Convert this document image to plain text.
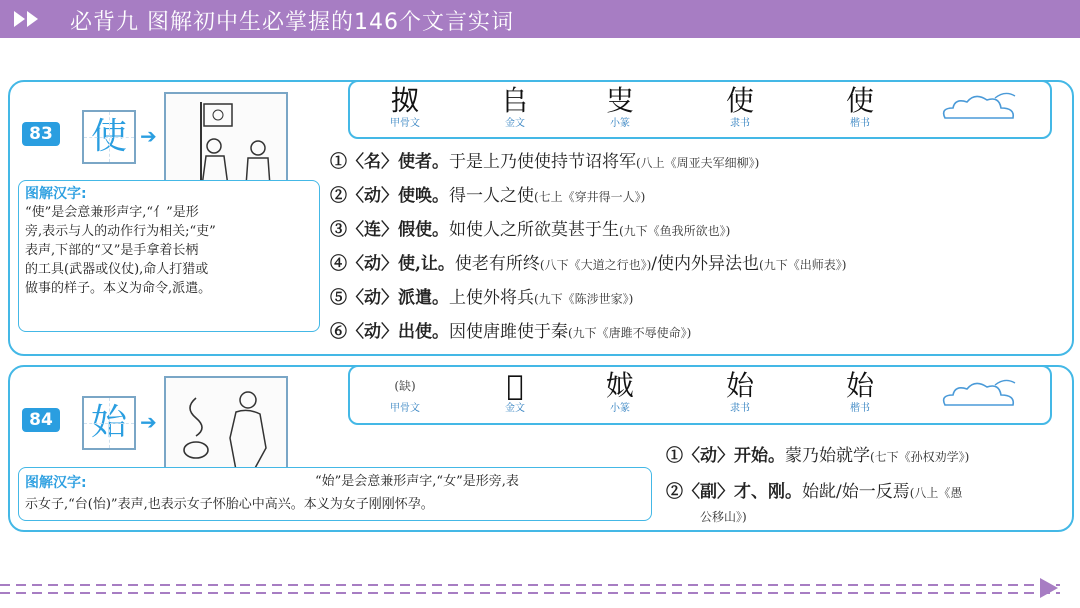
必背九 图解初中生必掌握的146个文言实词
𢫓
甲骨文
𠂤
金文
㕜
小篆
使
隶书
使
楷书
83 使 ➔
图解汉字:
“使”是会意兼形声字,“亻”是形
旁,表示与人的动作行为相关;“吏”
表声,下部的“又”是手拿着长柄
的工具(武器或仪仗),命人打猎或
做事的样子。本义为命令,派遣。
①〈名〉使者。于是上乃使使持节诏将军(八上《周亚夫军细柳》)
②〈动〉使唤。得一人之使(七上《穿井得一人》)
③〈连〉假使。如使人之所欲莫甚于生(九下《鱼我所欲也》)
④〈动〉使,让。使老有所终(八下《大道之行也》)/使内外异法也(九下《出师表》)
⑤〈动〉派遣。上使外将兵(九下《陈涉世家》)
⑥〈动〉出使。因使唐雎使于秦(九下《唐雎不辱使命》)
(缺)
甲骨文
𡚬
金文
𡛟
小篆
始
隶书
始
楷书
84 始 ➔
图解汉字:	“始”是会意兼形声字,“女”是形旁,表
示女子,“台(怡)”表声,也表示女子怀胎心中高兴。本义为女子刚刚怀孕。
①〈动〉开始。蒙乃始就学(七下《孙权劝学》)
②〈副〉才、刚。始龀/始一反焉(八上《愚
公移山》)
